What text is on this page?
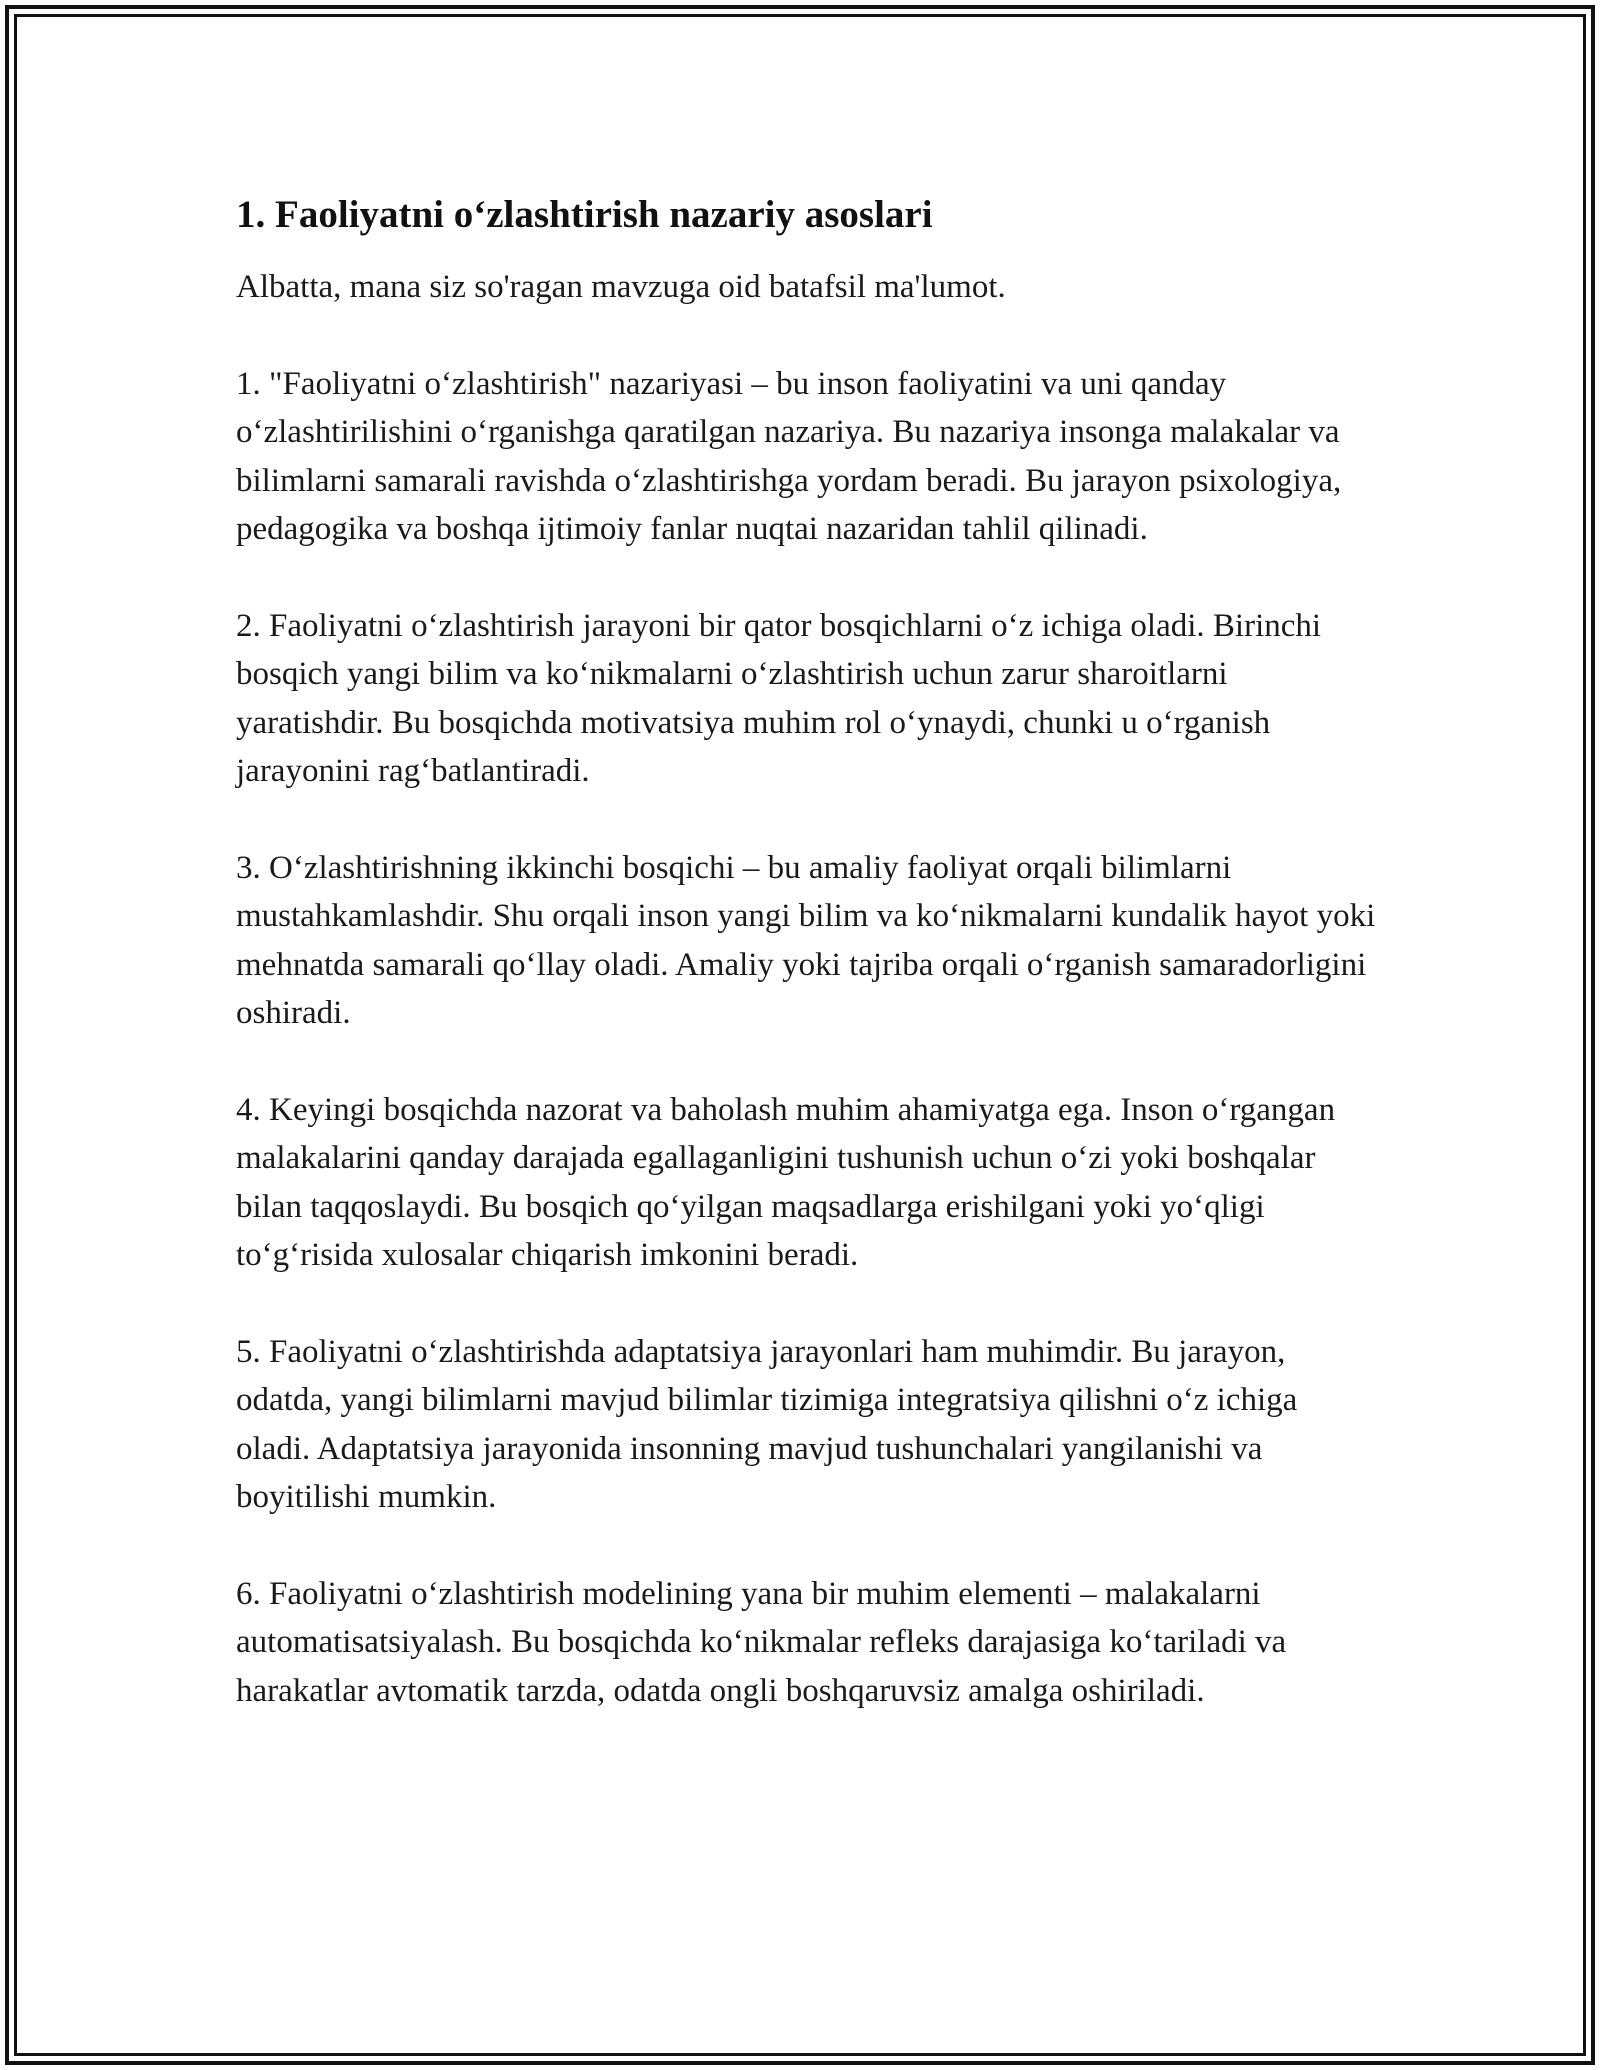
1. Faoliyatni o‘zlashtirish nazariy asoslari

Albatta, mana siz so'ragan mavzuga oid batafsil ma'lumot.

1. "Faoliyatni o‘zlashtirish" nazariyasi – bu inson faoliyatini va uni qanday o‘zlashtirilishini o‘rganishga qaratilgan nazariya. Bu nazariya insonga malakalar va bilimlarni samarali ravishda o‘zlashtirishga yordam beradi. Bu jarayon psixologiya, pedagogika va boshqa ijtimoiy fanlar nuqtai nazaridan tahlil qilinadi.

2. Faoliyatni o‘zlashtirish jarayoni bir qator bosqichlarni o‘z ichiga oladi. Birinchi bosqich yangi bilim va ko‘nikmalarni o‘zlashtirish uchun zarur sharoitlarni yaratishdir. Bu bosqichda motivatsiya muhim rol o‘ynaydi, chunki u o‘rganish jarayonini rag‘batlantiradi.

3. O‘zlashtirishning ikkinchi bosqichi – bu amaliy faoliyat orqali bilimlarni mustahkamlashdir. Shu orqali inson yangi bilim va ko‘nikmalarni kundalik hayot yoki mehnatda samarali qo‘llay oladi. Amaliy yoki tajriba orqali o‘rganish samaradorligini oshiradi.

4. Keyingi bosqichda nazorat va baholash muhim ahamiyatga ega. Inson o‘rgangan malakalarini qanday darajada egallaganligini tushunish uchun o‘zi yoki boshqalar bilan taqqoslaydi. Bu bosqich qo‘yilgan maqsadlarga erishilgani yoki yo‘qligi to‘g‘risida xulosalar chiqarish imkonini beradi.

5. Faoliyatni o‘zlashtirishda adaptatsiya jarayonlari ham muhimdir. Bu jarayon, odatda, yangi bilimlarni mavjud bilimlar tizimiga integratsiya qilishni o‘z ichiga oladi. Adaptatsiya jarayonida insonning mavjud tushunchalari yangilanishi va boyitilishi mumkin.

6. Faoliyatni o‘zlashtirish modelining yana bir muhim elementi – malakalarni automatisatsiyalash. Bu bosqichda ko‘nikmalar refleks darajasiga ko‘tariladi va harakatlar avtomatik tarzda, odatda ongli boshqaruvsiz amalga oshiriladi.
